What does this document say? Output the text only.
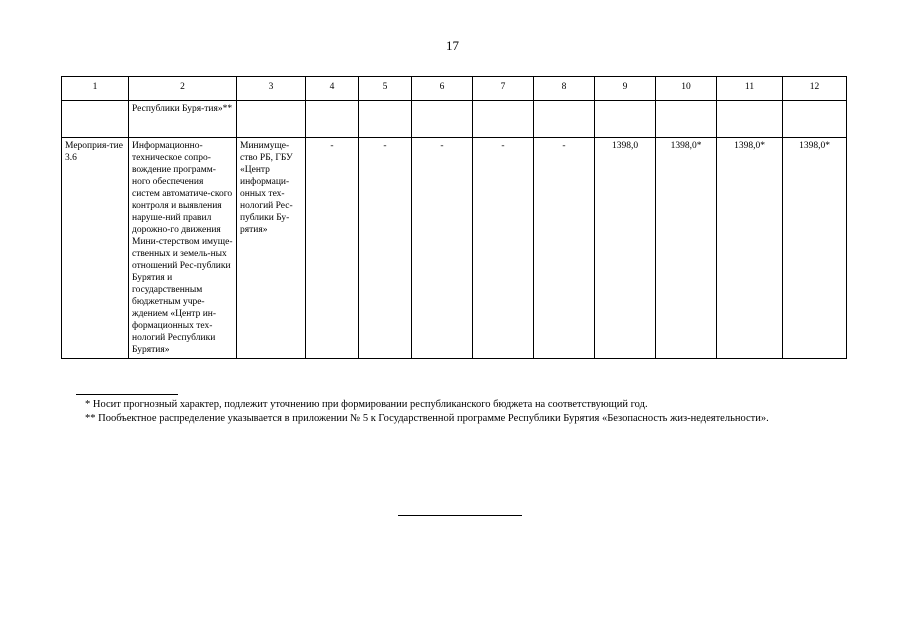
17
1	2	3	4	5	6	7	8	9	10	11	12
	Республики Буря-тия»**										
Мероприя-тие 3.6	Информационно-техническое сопро-вождение программ-ного обеспечения систем автоматиче-ского контроля и выявления наруше-ний правил дорожно-го движения Мини-стерством имуще-ственных и земель-ных отношений Рес-публики Бурятия и государственным бюджетным учре-ждением «Центр ин-формационных тех-нологий Республики Бурятия»	Минимуще-ство РБ, ГБУ «Центр информаци-онных тех-нологий Рес-публики Бу-рятия»	-	-	-	-	-	1398,0	1398,0*	1398,0*	1398,0*

* Носит прогнозный характер, подлежит уточнению при формировании республиканского бюджета на соответствующий год.

** Пообъектное распределение указывается в приложении № 5 к Государственной программе Республики Бурятия «Безопасность жиз-недеятельности».
